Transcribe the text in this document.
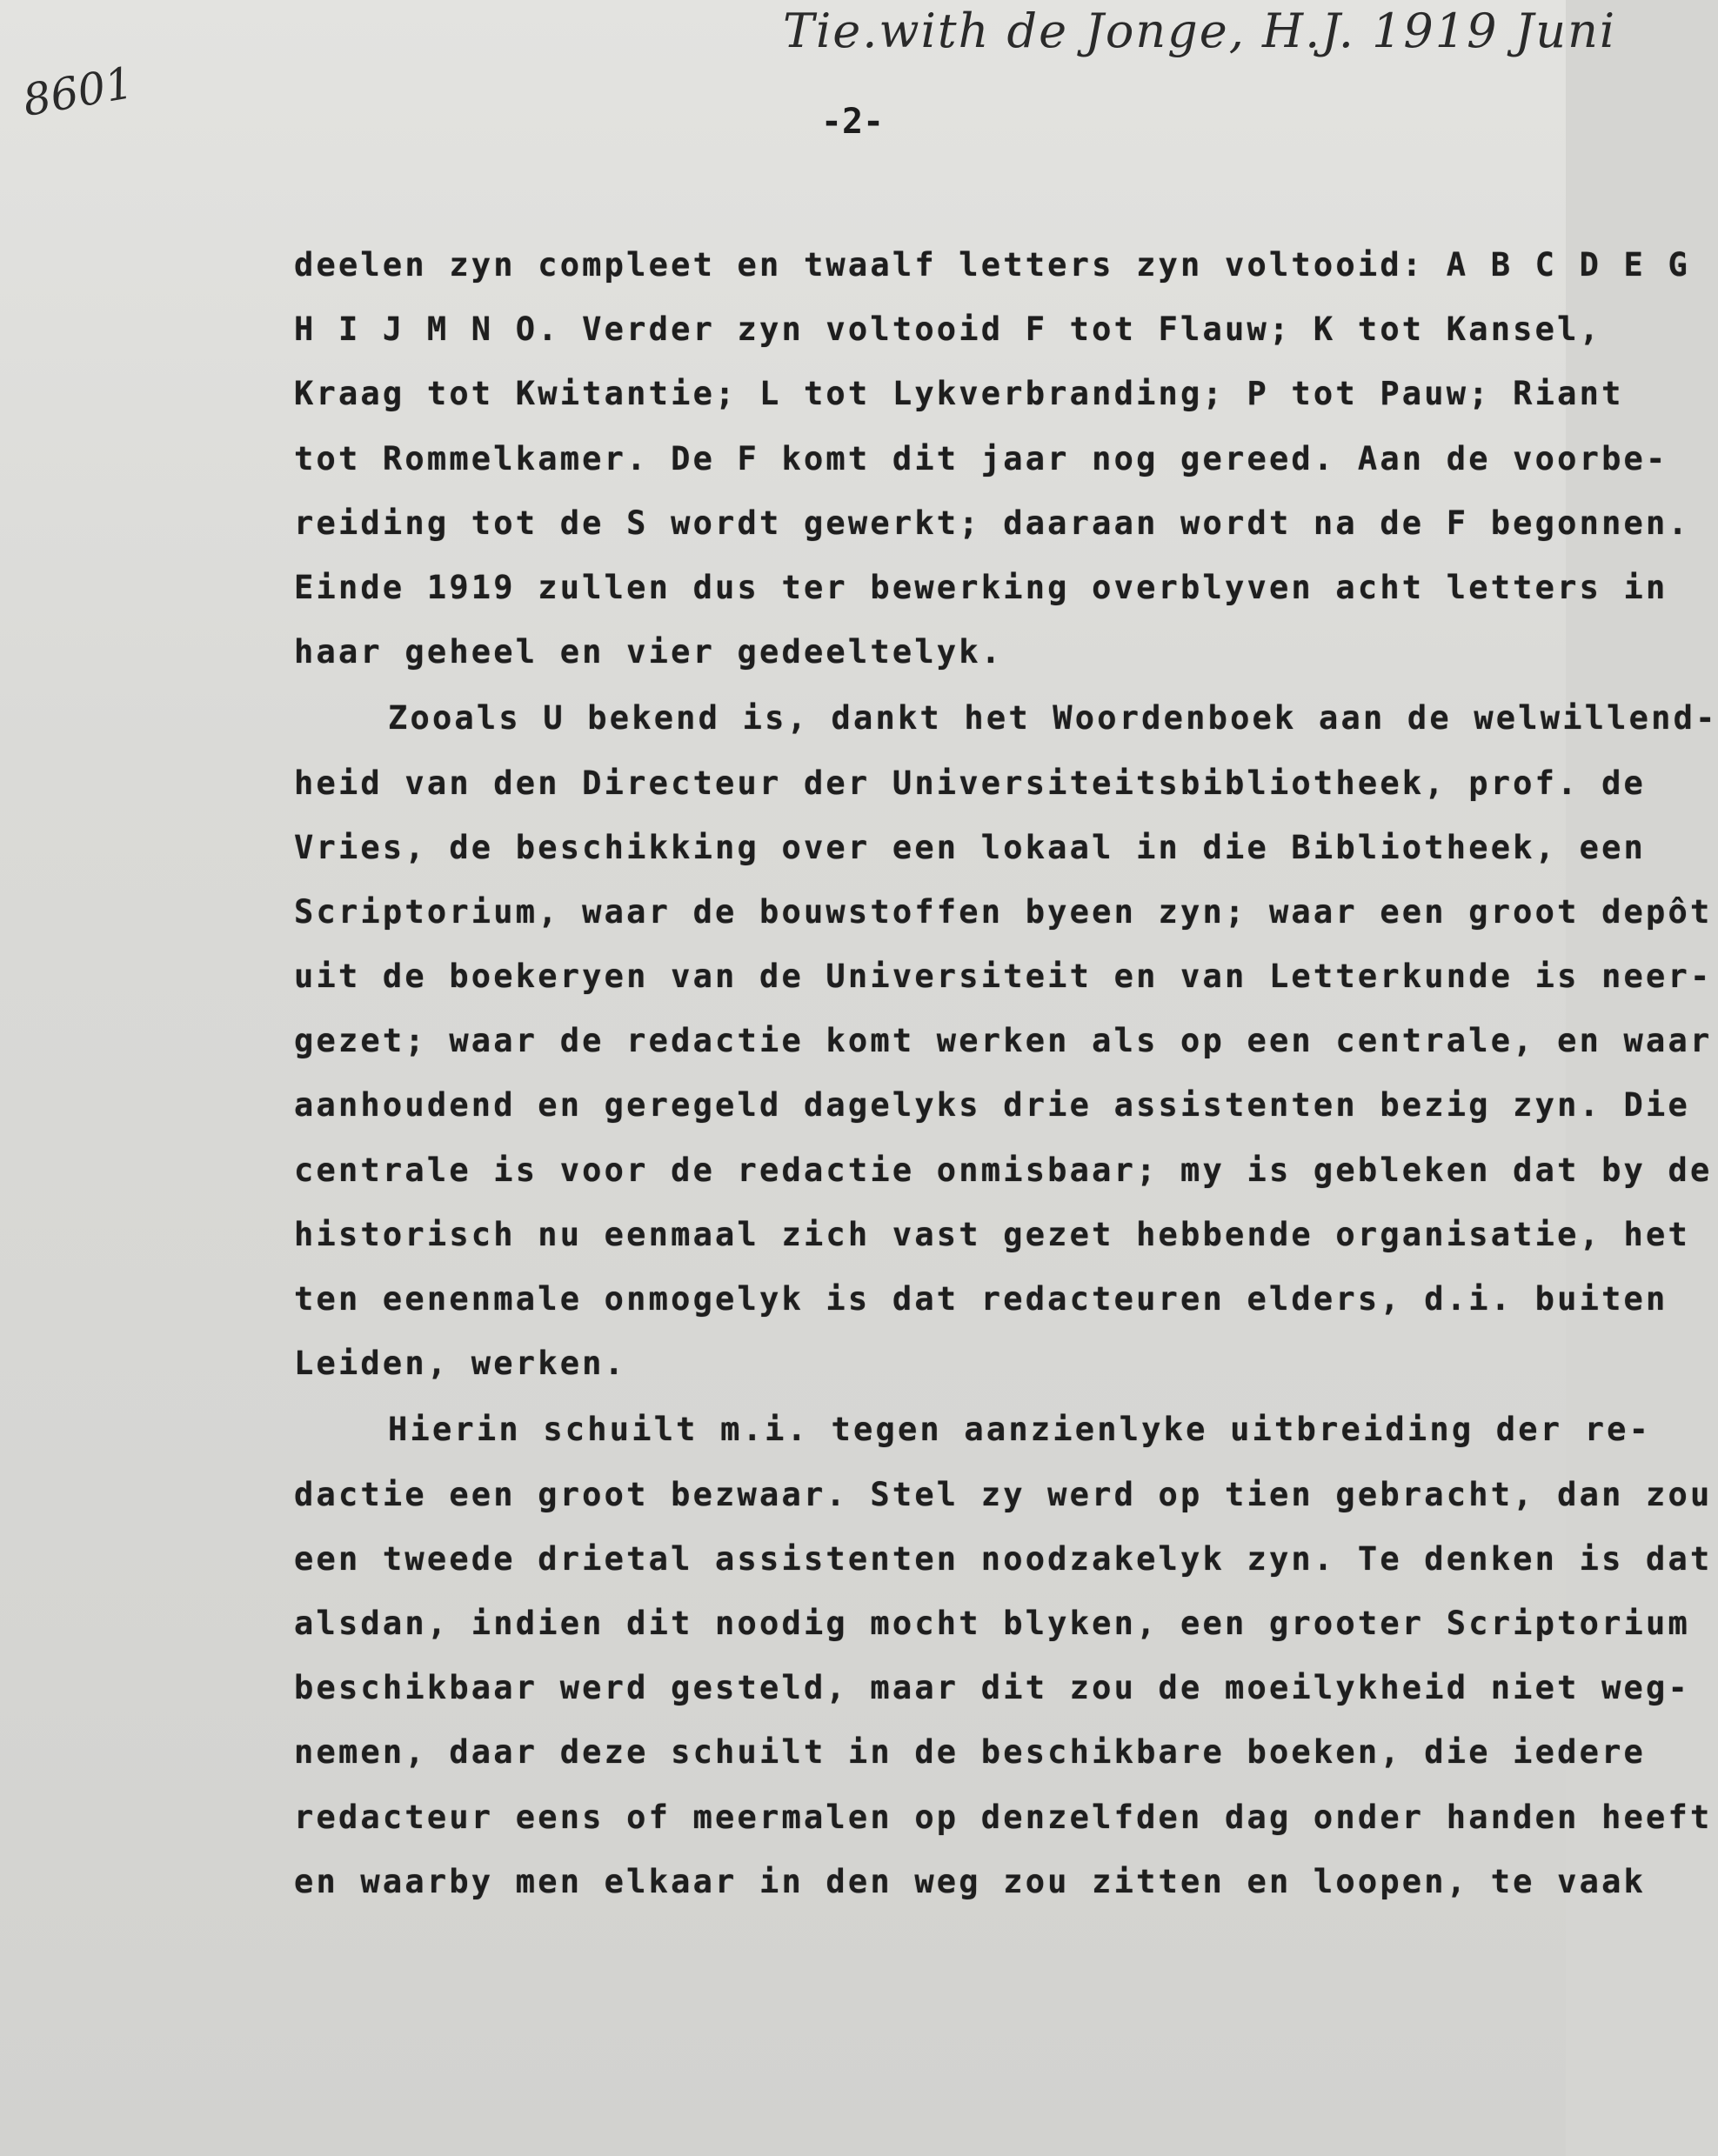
8601
Tie.with de Jonge, H.J. 1919 Juni
-2-
deelen zyn compleet en twaalf letters zyn voltooid: A B C D E G
H I J M N O. Verder zyn voltooid F tot Flauw; K tot Kansel,
Kraag tot Kwitantie; L tot Lykverbranding; P tot Pauw; Riant
tot Rommelkamer. De F komt dit jaar nog gereed. Aan de voorbe-
reiding tot de S wordt gewerkt; daaraan wordt na de F begonnen.
Einde 1919 zullen dus ter bewerking overblyven acht letters in
haar geheel en vier gedeeltelyk.
Zooals U bekend is, dankt het Woordenboek aan de welwillend-
heid van den Directeur der Universiteitsbibliotheek, prof. de
Vries, de beschikking over een lokaal in die Bibliotheek, een
Scriptorium, waar de bouwstoffen byeen zyn; waar een groot depôt
uit de boekeryen van de Universiteit en van Letterkunde is neer-
gezet; waar de redactie komt werken als op een centrale, en waar
aanhoudend en geregeld dagelyks drie assistenten bezig zyn. Die
centrale is voor de redactie onmisbaar; my is gebleken dat by de
historisch nu eenmaal zich vast gezet hebbende organisatie, het
ten eenenmale onmogelyk is dat redacteuren elders, d.i. buiten
Leiden, werken.
Hierin schuilt m.i. tegen aanzienlyke uitbreiding der re-
dactie een groot bezwaar. Stel zy werd op tien gebracht, dan zou
een tweede drietal assistenten noodzakelyk zyn. Te denken is dat
alsdan, indien dit noodig mocht blyken, een grooter Scriptorium
beschikbaar werd gesteld, maar dit zou de moeilykheid niet weg-
nemen, daar deze schuilt in de beschikbare boeken, die iedere
redacteur eens of meermalen op denzelfden dag onder handen heeft
en waarby men elkaar in den weg zou zitten en loopen, te vaak
